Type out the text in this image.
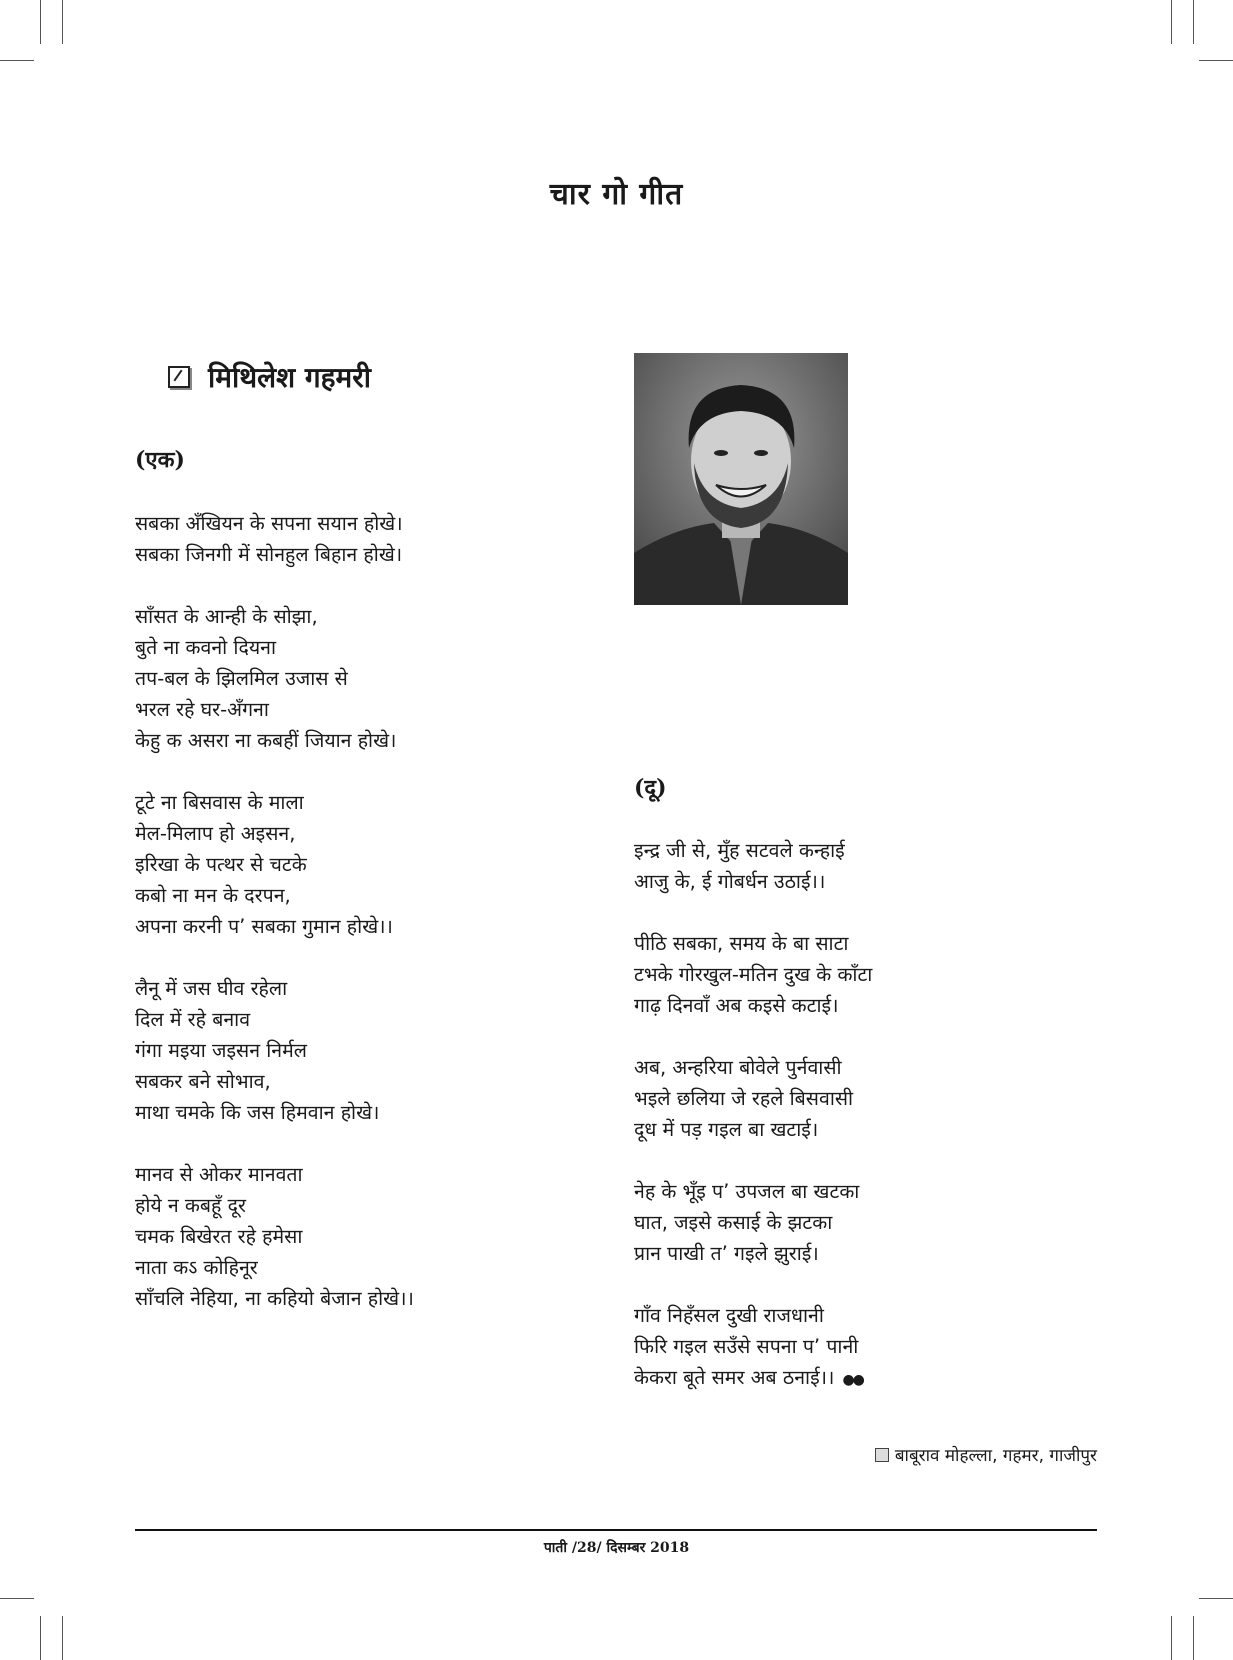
चार गो गीत
मिथिलेश गहमरी
(एक)
सबका अँखियन के सपना सयान होखे।
सबका जिनगी में सोनहुल बिहान होखे।
साँसत के आन्ही के सोझा,
बुते ना कवनो दियना
तप-बल के झिलमिल उजास से
भरल रहे घर-अँगना
केहु क असरा ना कबहीं जियान होखे।
टूटे ना बिसवास के माला
मेल-मिलाप हो अइसन,
इरिखा के पत्थर से चटके
कबो ना मन के दरपन,
अपना करनी प’ सबका गुमान होखे।।
लैनू में जस घीव रहेला
दिल में रहे बनाव
गंगा मइया जइसन निर्मल
सबकर बने सोभाव,
माथा चमके कि जस हिमवान होखे।
मानव से ओकर मानवता
होये न कबहूँ दूर
चमक बिखेरत रहे हमेसा
नाता कऽ कोहिनूर
साँचलि नेहिया, ना कहियो बेजान होखे।।
(दू)
इन्द्र जी से, मुँह सटवले कन्हाई
आजु के, ई गोबर्धन उठाई।।
पीठि सबका, समय के बा साटा
टभके गोरखुल-मतिन दुख के काँटा
गाढ़ दिनवाँ अब कइसे कटाई।
अब, अन्हरिया बोवेले पुर्नवासी
भइले छलिया जे रहले बिसवासी
दूध में पड़ गइल बा खटाई।
नेह के भूँइ प’ उपजल बा खटका
घात, जइसे कसाई के झटका
प्रान पाखी त’ गइले झुराई।
गाँव निहँसल दुखी राजधानी
फिरि गइल सउँसे सपना प’ पानी
केकरा बूते समर अब ठनाई।। ●●
बाबूराव मोहल्ला, गहमर, गाजीपुर
पाती /28/ दिसम्बर 2018
